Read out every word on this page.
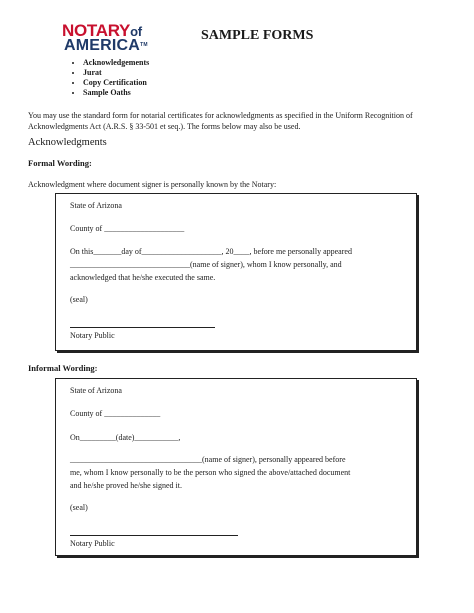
NOTARYof
AMERICA™
SAMPLE FORMS
• Acknowledgements
• Jurat
• Copy Certification
• Sample Oaths
You may use the standard form for notarial certificates for acknowledgments as specified in the Uniform Recognition of Acknowledgments Act (A.R.S. § 33-501 et seq.). The forms below may also be used.
Acknowledgments
Formal Wording:
Acknowledgment where document signer is personally known by the Notary:
State of Arizona
County of ____________________
On this_______day of____________________, 20____, before me personally appeared
______________________________(name of signer), whom I know personally, and
acknowledged that he/she executed the same.
(seal)
Notary Public
Informal Wording:
State of Arizona
County of ______________
On_________(date)___________,
_________________________________(name of signer), personally appeared before
me, whom I know personally to be the person who signed the above/attached document
and he/she proved he/she signed it.
(seal)
Notary Public
